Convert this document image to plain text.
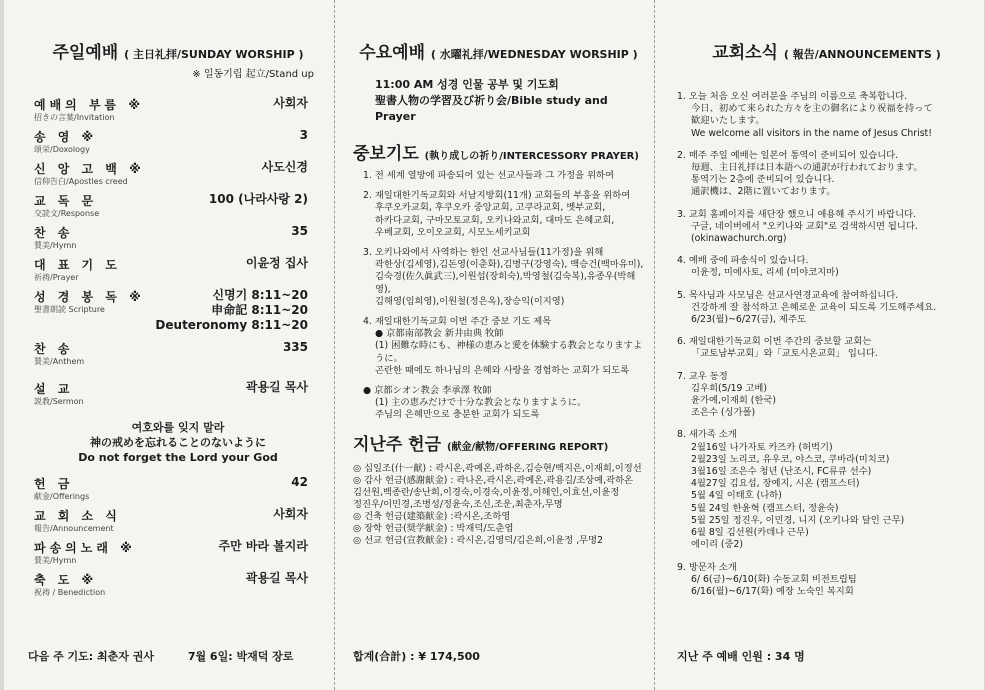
주일예배 ( 主日礼拝/SUNDAY WORSHIP )
※ 일동기립 起立/Stand up
예배의 부름 ※
招きの言葉/Invitation
사회자
송 영 ※
頌栄/Doxology
3
신 앙 고 백 ※
信仰告白/Apostles creed
사도신경
교 독 문
交読文/Response
100 (나라사랑 2)
찬 송
賛美/Hymn
35
대 표 기 도
祈祷/Prayer
이윤정 집사
성 경 봉 독 ※
聖書朗読 Scripture
신명기 8:11~20
申命記 8:11~20
Deuteronomy 8:11~20
찬 송
賛美/Anthem
335
설 교
説教/Sermon
곽용길 목사
여호와를 잊지 말라
神の戒めを忘れることのないように
Do not forget the Lord your God
헌 금
献金/Offerings
42
교 회 소 식
報告/Announcement
사회자
파송의노래 ※
賛美/Hymn
주만 바라 볼지라
축 도 ※
祝祷 / Benediction
곽용길 목사
다음 주 기도: 최춘자 권사	7월 6일: 박재덕 장로
수요예배 ( 水曜礼拝/WEDNESDAY WORSHIP )
11:00 AM 성경 인물 공부 및 기도회
聖書人物の学習及び祈り会/Bible study and Prayer
중보기도 (執り成しの祈り/INTERCESSORY PRAYER)
1. 전 세계 열방에 파송되어 있는 선교사들과 그 가정을 위하여
2. 재일대한기독교회와 서남지방회(11개) 교회들의 부흥을 위하여
후쿠오카교회, 후쿠오카 중앙교회, 고쿠라교회, 벳부교회,
하카다교회, 구마모토교회, 오키나와교회, 대마도 은혜교회,
우베교회, 오이오교회, 시모노세키교회
3. 오키나와에서 사역하는 한인 선교사님들(11가정)을 위해
곽한상(김세영),김돈영(이춘화),김병구(강영숙), 백승건(백마유미),
김숙경(佐久眞武三),이원섭(장희숙),박영철(김숙복),유종우(박해영),
김해영(임희영),이원철(정은옥),장승익(이지영)
4. 재일대한기독교회 이번 주간 중보 기도 제목
● 京都南部教会 新井由典 牧師
(1) 困難な時にも、神様の恵みと愛を体験する教会となりますように。
곤란한 때에도 하나님의 은혜와 사랑을 경험하는 교회가 되도록
● 京都シオン教会 李承澤 牧師
(1) 主の恵みだけで十分な教会となりますように。
주님의 은혜만으로 충분한 교회가 되도록
지난주 헌금 (献金/献物/OFFERING REPORT)
◎ 십일조(什一献) : 곽시온,곽예온,곽하온,김승현/백지은,이재희,이정선
◎ 감사 헌금(感謝献金) : 곽나온,곽시온,곽예온,곽용길/조상예,곽하온
김선원,백종란/송난희,이경숙,이경숙,이윤정,이해인,이효선,이윤정
정진우/이민경,조병성/정윤숙,조신,조운,최춘자,무명
◎ 건축 헌금(建築献金) :곽시온,조하영
◎ 장학 헌금(奨学献金) : 박재덕/도춘엽
◎ 선교 헌금(宣教献金) : 곽시온,김영덕/김은희,이윤정 ,무명2
합계(合計) : ¥ 174,500
교회소식 ( 報告/ANNOUNCEMENTS )
1. 오늘 처음 오신 여러분을 주님의 이름으로 축복합니다.
今日、初めて来られた方々を主の御名により祝福を持って
歓迎いたします。
We welcome all visitors in the name of Jesus Christ!
2. 매주 주일 예배는 일본어 통역이 준비되어 있습니다.
毎週、主日礼拝は日本語への通訳が行われております。
통역기는 2층에 준비되어 있습니다.
通訳機は、2階に置いております。
3. 교회 홈페이지를 새단장 했으니 애용해 주시기 바랍니다.
구글, 네이버에서 "오키나와 교회"로 검색하시면 됩니다.
(okinawachurch.org)
4. 예배 중에 파송식이 있습니다.
이윤정, 미에사토, 리세 (미야코지마)
5. 목사님과 사모님은 선교사연경교육에 참여하십니다.
건강하게 잘 참석하고 은혜로운 교육이 되도록 기도해주세요.
6/23(월)~6/27(금), 제주도
6. 재일대한기독교회 이번 주간의 중보할 교회는
「교토남부교회」와「교토시온교회」 입니다.
7. 교우 동정
김우희(5/19 고베)
윤가예,이재희 (한국)
조은수 (싱가폴)
8. 새가족 소개
2월16일 나가자토 카즈카 (허벅기)
2월23일 노리코, 유우코, 야스코, 쿠바라(미치코)
3월16일 조은수 청년 (난조시, FC류큐 선수)
4월27일 김요섭, 장예지, 시온 (캠프스터)
5월 4일 이태호 (나하)
5월 24일 한윤혁 (캠프스터, 정윤숙)
5월 25일 정진우, 이민경, 니지 (오키나와 달인 근무)
6월 8일 김선원(카데나 근무)
에이리 (중2)
9. 방문자 소개
6/ 6(금)~6/10(화) 수동교회 비전트립팀
6/16(월)~6/17(화) 예장 노숙인 복지회
지난 주 예배 인원 : 34 명
